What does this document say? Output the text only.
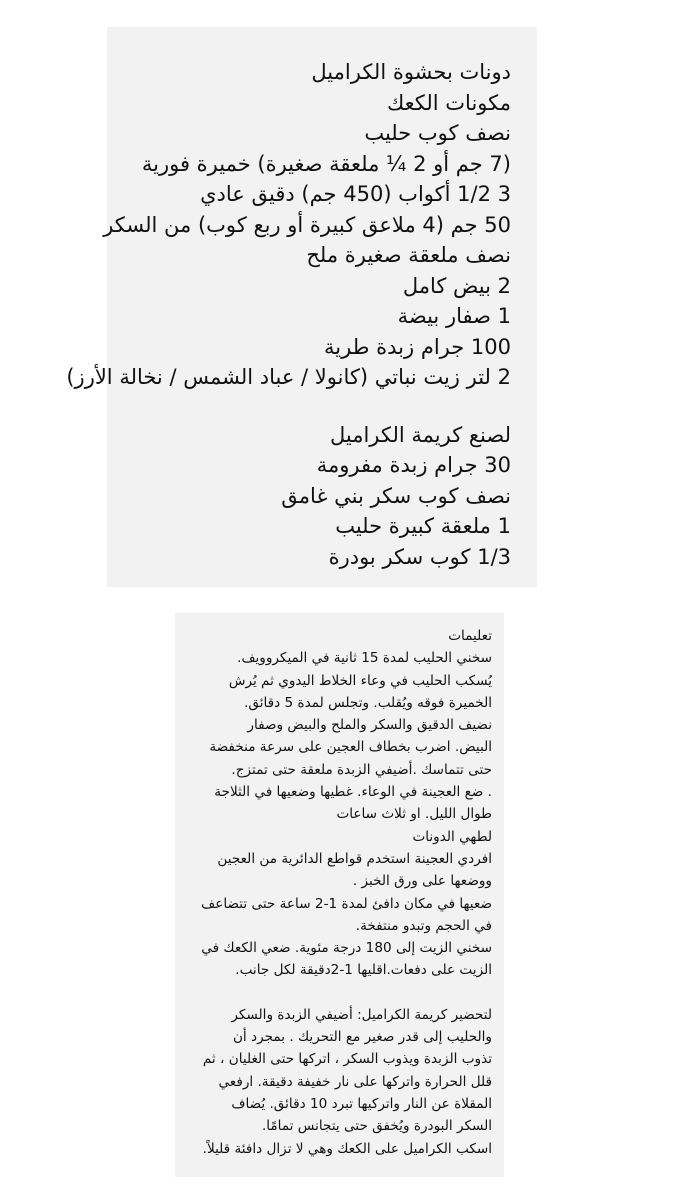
دونات بحشوة الكراميل
مكونات الكعك
نصف كوب حليب
(7 جم أو 2 ¼ ملعقة صغيرة) خميرة فورية
3 1/2 أكواب (450 جم) دقيق عادي
50 جم (4 ملاعق كبيرة أو ربع كوب) من السكر
نصف ملعقة صغيرة ملح
2 بيض كامل
1 صفار بيضة
100 جرام زبدة طرية
2 لتر زيت نباتي (كانولا / عباد الشمس / نخالة الأرز)
لصنع كريمة الكراميل
30 جرام زبدة مفرومة
نصف كوب سكر بني غامق
1 ملعقة كبيرة حليب
1/3 كوب سكر بودرة
تعليمات
سخني الحليب لمدة 15 ثانية في الميكروويف.
يُسكب الحليب في وعاء الخلاط اليدوي ثم يُرش
الخميرة فوقه ويُقلب. وتجلس لمدة 5 دقائق.
نضيف الدقيق والسكر والملح والبيض وصفار
البيض. اضرب بخطاف العجين على سرعة منخفضة
حتى تتماسك .أضيفي الزبدة ملعقة حتى تمتزج.
. ضع العجينة في الوعاء. غطيها وضعيها في الثلاجة
طوال الليل. او ثلاث ساعات
لطهي الدونات
افردي العجينة استخدم قواطع الدائرية من العجين
ووضعها على ورق الخبز .
ضعيها في مكان دافئ لمدة 1-2 ساعة حتى تتضاعف
في الحجم وتبدو منتفخة.
سخني الزيت إلى 180 درجة مئوية. ضعي الكعك في
الزيت على دفعات.اقليها 1-2دقيقة لكل جانب.
لتحضير كريمة الكراميل: أضيفي الزبدة والسكر
والحليب إلى قدر صغير مع التحريك . بمجرد أن
تذوب الزبدة ويذوب السكر ، اتركها حتى الغليان ، ثم
قلل الحرارة واتركها على نار خفيفة دقيقة. ارفعي
المقلاة عن النار واتركيها تبرد 10 دقائق. يُضاف
السكر البودرة ويُخفق حتى يتجانس تمامًا.
اسكب الكراميل على الكعك وهي لا تزال دافئة قليلاً.
